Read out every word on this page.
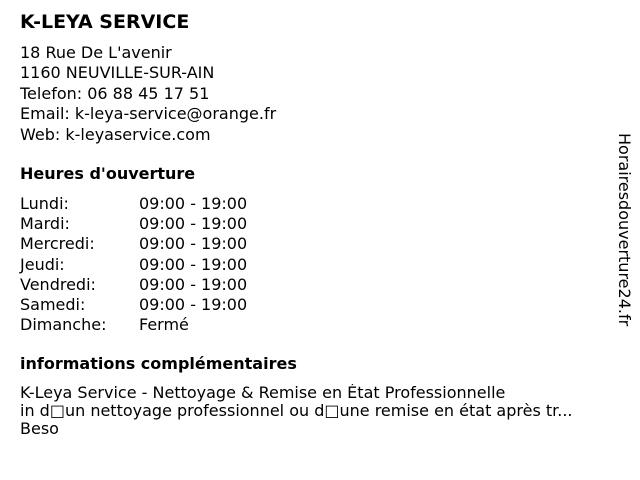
K-LEYA SERVICE
18 Rue De L'avenir
1160 NEUVILLE-SUR-AIN
Telefon: 06 88 45 17 51
Email: k-leya-service@orange.fr
Web: k-leyaservice.com
Heures d'ouverture
Lundi:	09:00 - 19:00
Mardi:	09:00 - 19:00
Mercredi:	09:00 - 19:00
Jeudi:	09:00 - 19:00
Vendredi:	09:00 - 19:00
Samedi:	09:00 - 19:00
Dimanche: Fermé
informations complémentaires
K-Leya Service - Nettoyage & Remise en État Professionnelle
in d□un nettoyage professionnel ou d□une remise en état après tr...
Beso
Horairesdouverture24.fr
